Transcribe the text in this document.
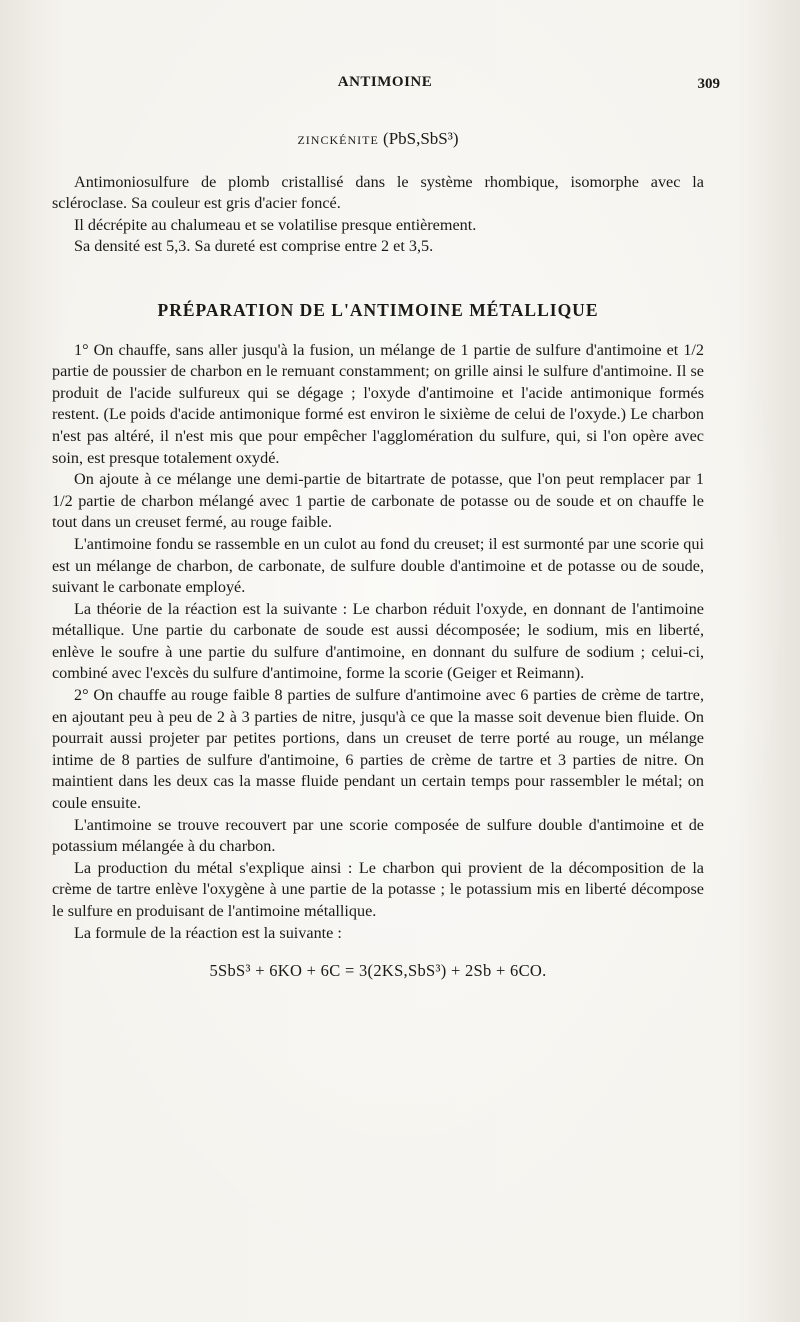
ANTIMOINE	309
ZINCKÉNITE (PbS,SbS³)

Antimoniosulfure de plomb cristallisé dans le système rhombique, isomorphe avec la scléroclase. Sa couleur est gris d'acier foncé.

Il décrépite au chalumeau et se volatilise presque entièrement.

Sa densité est 5,3. Sa dureté est comprise entre 2 et 3,5.

PRÉPARATION DE L'ANTIMOINE MÉTALLIQUE

1° On chauffe, sans aller jusqu'à la fusion, un mélange de 1 partie de sulfure d'antimoine et 1/2 partie de poussier de charbon en le remuant constamment; on grille ainsi le sulfure d'antimoine. Il se produit de l'acide sulfureux qui se dégage ; l'oxyde d'antimoine et l'acide antimonique formés restent. (Le poids d'acide antimonique formé est environ le sixième de celui de l'oxyde.) Le charbon n'est pas altéré, il n'est mis que pour empêcher l'agglomération du sulfure, qui, si l'on opère avec soin, est presque totalement oxydé.

On ajoute à ce mélange une demi-partie de bitartrate de potasse, que l'on peut remplacer par 1 1/2 partie de charbon mélangé avec 1 partie de carbonate de potasse ou de soude et on chauffe le tout dans un creuset fermé, au rouge faible.

L'antimoine fondu se rassemble en un culot au fond du creuset; il est surmonté par une scorie qui est un mélange de charbon, de carbonate, de sulfure double d'antimoine et de potasse ou de soude, suivant le carbonate employé.

La théorie de la réaction est la suivante : Le charbon réduit l'oxyde, en donnant de l'antimoine métallique. Une partie du carbonate de soude est aussi décomposée; le sodium, mis en liberté, enlève le soufre à une partie du sulfure d'antimoine, en donnant du sulfure de sodium ; celui-ci, combiné avec l'excès du sulfure d'antimoine, forme la scorie (Geiger et Reimann).

2° On chauffe au rouge faible 8 parties de sulfure d'antimoine avec 6 parties de crème de tartre, en ajoutant peu à peu de 2 à 3 parties de nitre, jusqu'à ce que la masse soit devenue bien fluide. On pourrait aussi projeter par petites portions, dans un creuset de terre porté au rouge, un mélange intime de 8 parties de sulfure d'antimoine, 6 parties de crème de tartre et 3 parties de nitre. On maintient dans les deux cas la masse fluide pendant un certain temps pour rassembler le métal; on coule ensuite.

L'antimoine se trouve recouvert par une scorie composée de sulfure double d'antimoine et de potassium mélangée à du charbon.

La production du métal s'explique ainsi : Le charbon qui provient de la décomposition de la crème de tartre enlève l'oxygène à une partie de la potasse ; le potassium mis en liberté décompose le sulfure en produisant de l'antimoine métallique.

La formule de la réaction est la suivante :

5SbS³ + 6KO + 6C = 3(2KS,SbS³) + 2Sb + 6CO.
